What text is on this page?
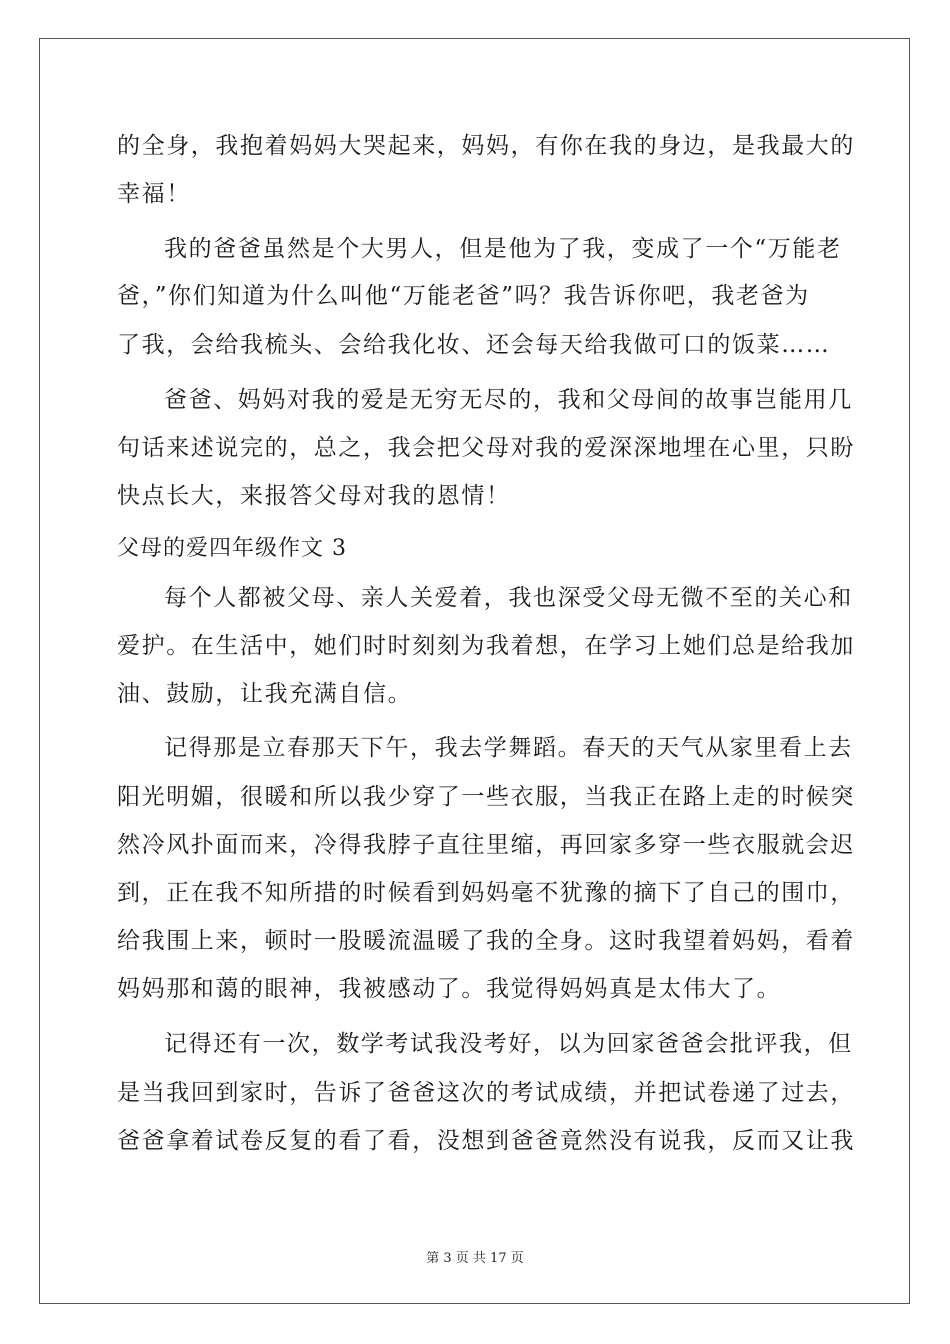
的全身，我抱着妈妈大哭起来，妈妈，有你在我的身边，是我最大的
幸福！
我的爸爸虽然是个大男人，但是他为了我，变成了一个“万能老
爸，”你们知道为什么叫他“万能老爸”吗？我告诉你吧，我老爸为
了我，会给我梳头、会给我化妆、还会每天给我做可口的饭菜……
爸爸、妈妈对我的爱是无穷无尽的，我和父母间的故事岂能用几
句话来述说完的，总之，我会把父母对我的爱深深地埋在心里，只盼
快点长大，来报答父母对我的恩情！
父母的爱四年级作文 3
每个人都被父母、亲人关爱着，我也深受父母无微不至的关心和
爱护。在生活中，她们时时刻刻为我着想，在学习上她们总是给我加
油、鼓励，让我充满自信。
记得那是立春那天下午，我去学舞蹈。春天的天气从家里看上去
阳光明媚，很暖和所以我少穿了一些衣服，当我正在路上走的时候突
然冷风扑面而来，冷得我脖子直往里缩，再回家多穿一些衣服就会迟
到，正在我不知所措的时候看到妈妈毫不犹豫的摘下了自己的围巾，
给我围上来，顿时一股暖流温暖了我的全身。这时我望着妈妈，看着
妈妈那和蔼的眼神，我被感动了。我觉得妈妈真是太伟大了。
记得还有一次，数学考试我没考好，以为回家爸爸会批评我，但
是当我回到家时，告诉了爸爸这次的考试成绩，并把试卷递了过去，
爸爸拿着试卷反复的看了看，没想到爸爸竟然没有说我，反而又让我
第 3 页 共 17 页
